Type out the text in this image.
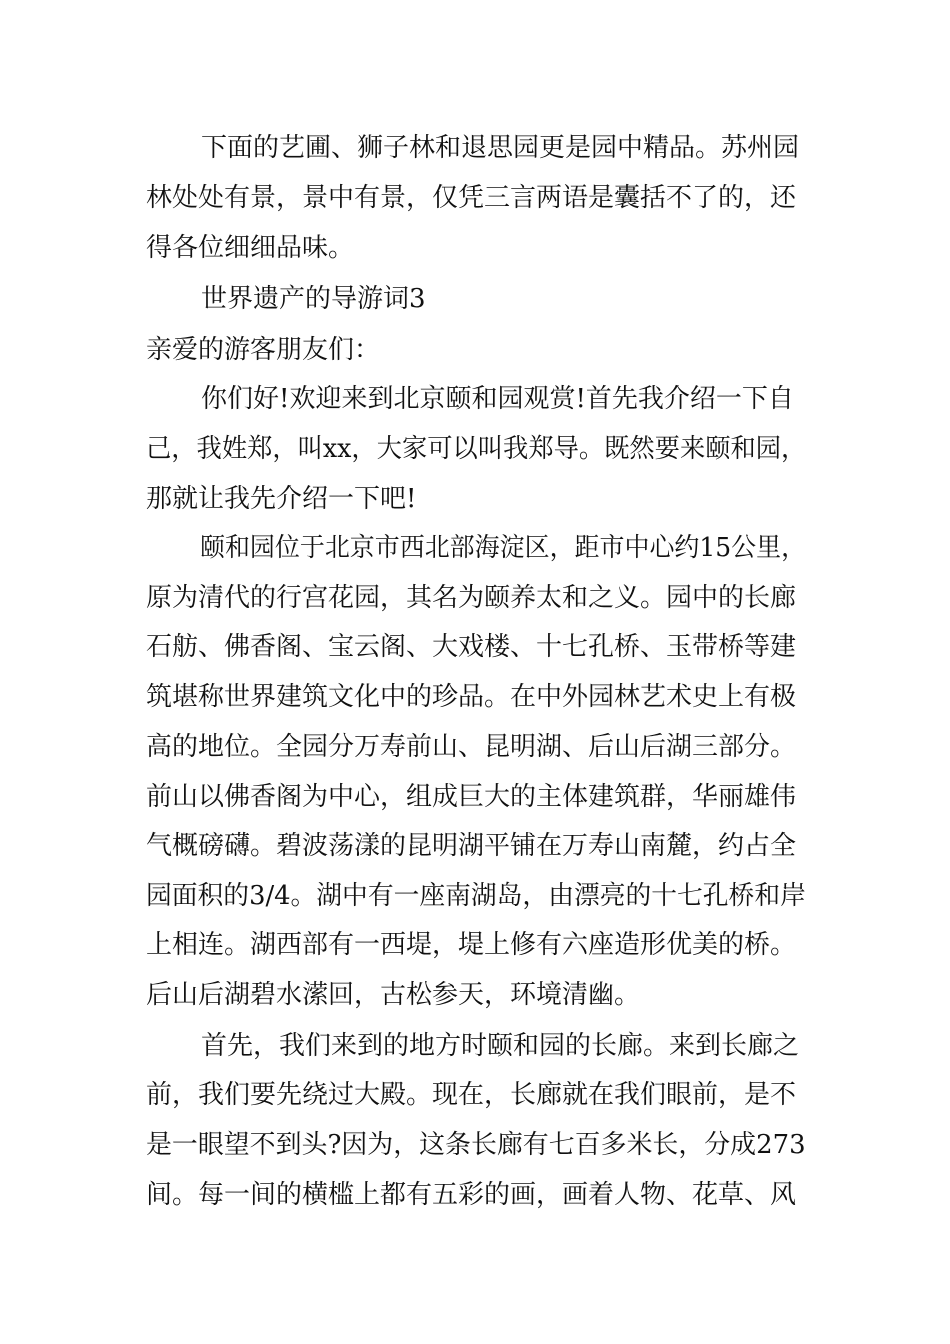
　下面的艺圃、狮子林和退思园更是园中精品。苏州园
林处处有景，景中有景，仅凭三言两语是囊括不了的，还
得各位细细品味。
　世界遗产的导游词3
亲爱的游客朋友们：
　你们好!欢迎来到北京颐和园观赏!首先我介绍一下自
己，我姓郑，叫xx，大家可以叫我郑导。既然要来颐和园，
那就让我先介绍一下吧!
　颐和园位于北京市西北部海淀区，距市中心约15公里，
原为清代的行宫花园，其名为颐养太和之义。园中的长廊
石舫、佛香阁、宝云阁、大戏楼、十七孔桥、玉带桥等建
筑堪称世界建筑文化中的珍品。在中外园林艺术史上有极
高的地位。全园分万寿前山、昆明湖、后山后湖三部分。
前山以佛香阁为中心，组成巨大的主体建筑群，华丽雄伟
气概磅礴。碧波荡漾的昆明湖平铺在万寿山南麓，约占全
园面积的3/4。湖中有一座南湖岛，由漂亮的十七孔桥和岸
上相连。湖西部有一西堤，堤上修有六座造形优美的桥。
后山后湖碧水潆回，古松参天，环境清幽。
　首先，我们来到的地方时颐和园的长廊。来到长廊之
前，我们要先绕过大殿。现在，长廊就在我们眼前，是不
是一眼望不到头?因为，这条长廊有七百多米长，分成273
间。每一间的横槛上都有五彩的画，画着人物、花草、风
